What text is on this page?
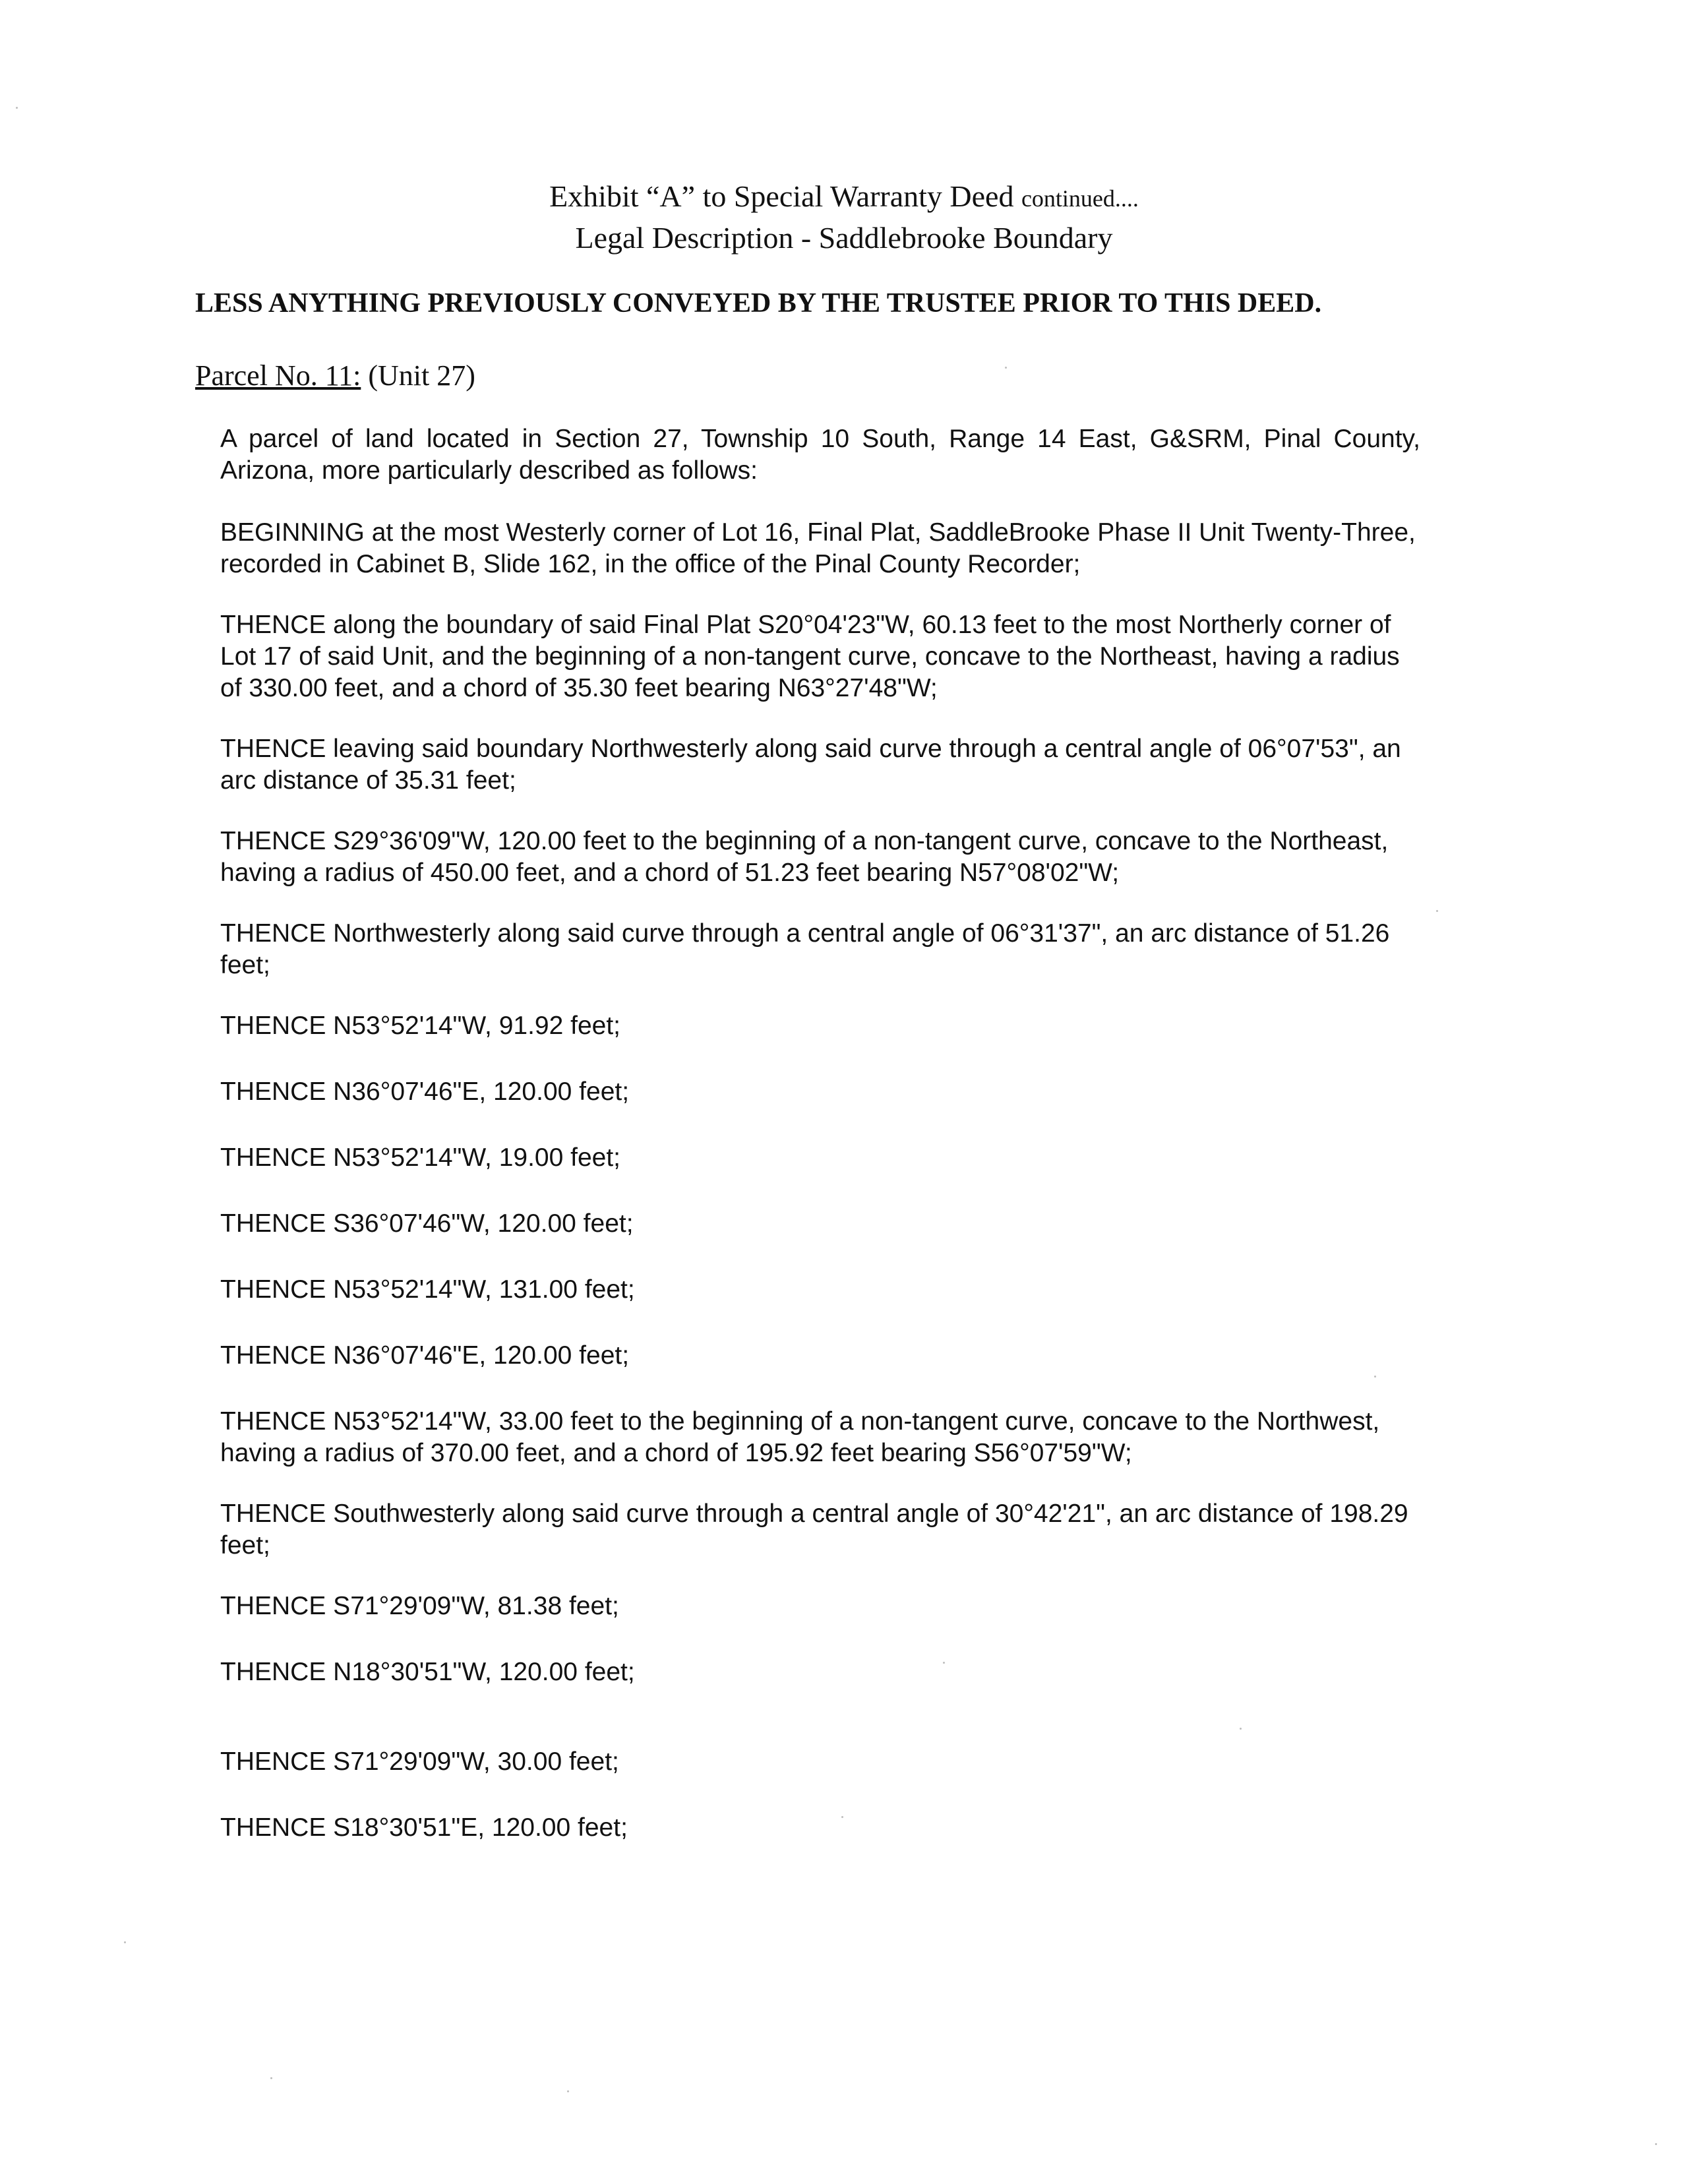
Exhibit “A” to Special Warranty Deed continued....
Legal Description - Saddlebrooke Boundary
LESS ANYTHING PREVIOUSLY CONVEYED BY THE TRUSTEE PRIOR TO THIS DEED.
Parcel No. 11: (Unit 27)

A parcel of land located in Section 27, Township 10 South, Range 14 East, G&SRM, Pinal County, Arizona, more particularly described as follows:

BEGINNING at the most Westerly corner of Lot 16, Final Plat, SaddleBrooke Phase II Unit Twenty-Three, recorded in Cabinet B, Slide 162, in the office of the Pinal County Recorder;

THENCE along the boundary of said Final Plat S20°04'23"W, 60.13 feet to the most Northerly corner of Lot 17 of said Unit, and the beginning of a non-tangent curve, concave to the Northeast, having a radius of 330.00 feet, and a chord of 35.30 feet bearing N63°27'48"W;

THENCE leaving said boundary Northwesterly along said curve through a central angle of 06°07'53", an arc distance of 35.31 feet;

THENCE S29°36'09"W, 120.00 feet to the beginning of a non-tangent curve, concave to the Northeast, having a radius of 450.00 feet, and a chord of 51.23 feet bearing N57°08'02"W;

THENCE Northwesterly along said curve through a central angle of 06°31'37", an arc distance of 51.26 feet;

THENCE N53°52'14"W, 91.92 feet;

THENCE N36°07'46"E, 120.00 feet;

THENCE N53°52'14"W, 19.00 feet;

THENCE S36°07'46"W, 120.00 feet;

THENCE N53°52'14"W, 131.00 feet;

THENCE N36°07'46"E, 120.00 feet;

THENCE N53°52'14"W, 33.00 feet to the beginning of a non-tangent curve, concave to the Northwest, having a radius of 370.00 feet, and a chord of 195.92 feet bearing S56°07'59"W;

THENCE Southwesterly along said curve through a central angle of 30°42'21", an arc distance of 198.29 feet;

THENCE S71°29'09"W, 81.38 feet;

THENCE N18°30'51"W, 120.00 feet;

THENCE S71°29'09"W, 30.00 feet;

THENCE S18°30'51"E, 120.00 feet;
